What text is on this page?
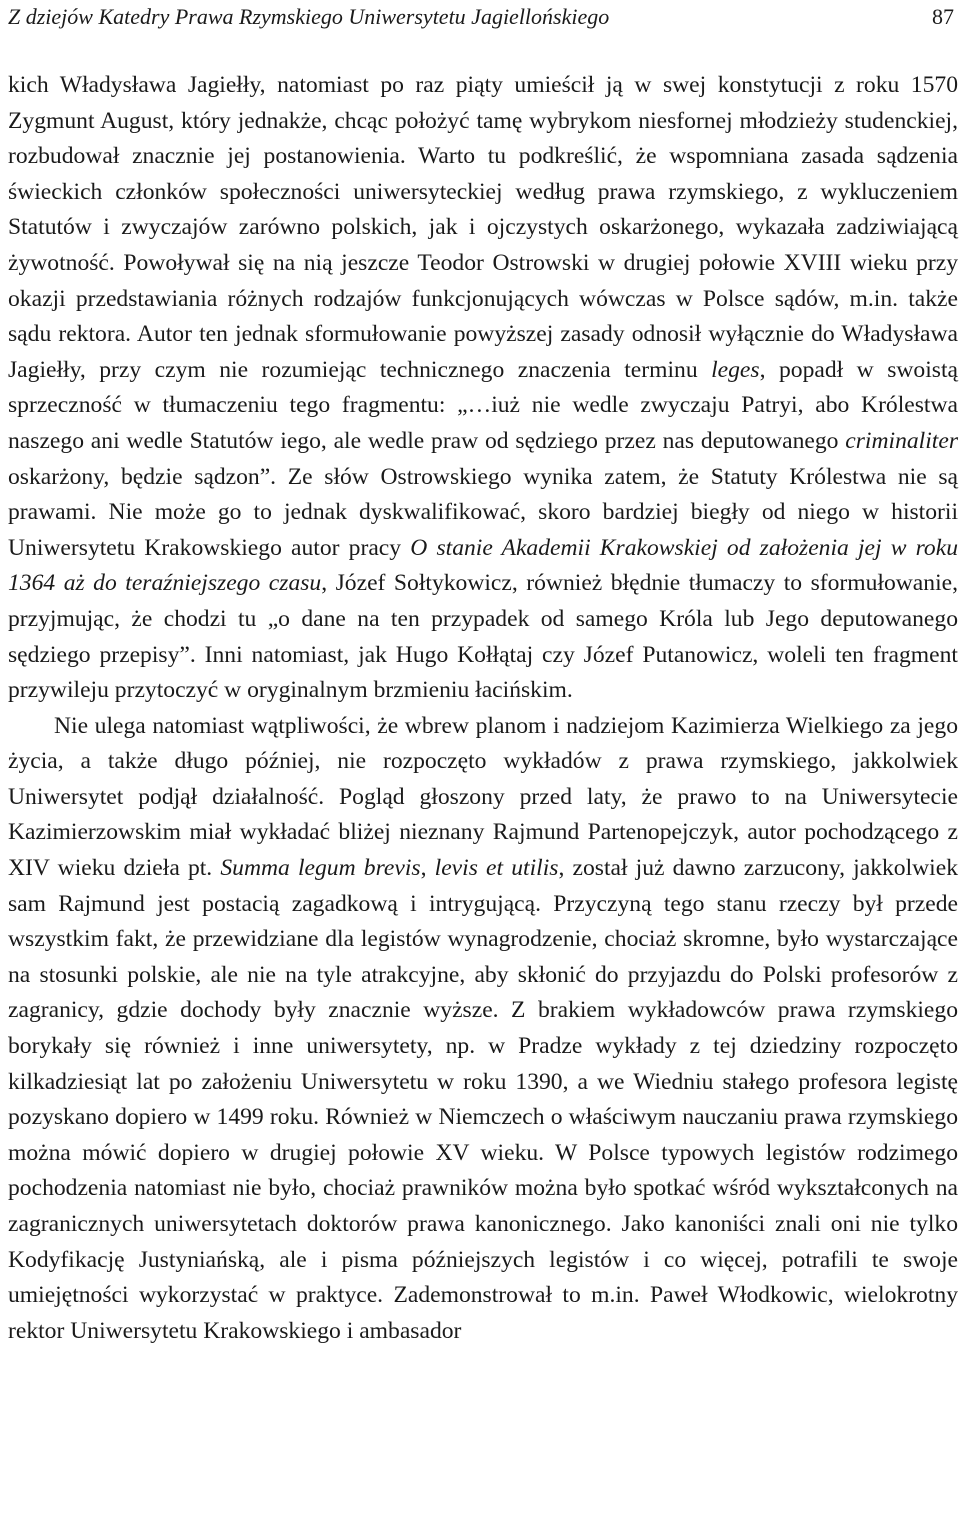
Z dziejów Katedry Prawa Rzymskiego Uniwersytetu Jagiellońskiego	87

kich Władysława Jagiełły, natomiast po raz piąty umieścił ją w swej konstytucji z roku 1570 Zygmunt August, który jednakże, chcąc położyć tamę wybrykom niesfornej młodzieży studenckiej, rozbudował znacznie jej postanowienia. Warto tu podkreślić, że wspomniana zasada sądzenia świeckich członków społeczności uniwersyteckiej według prawa rzymskiego, z wykluczeniem Statutów i zwyczajów zarówno polskich, jak i ojczystych oskarżonego, wykazała zadziwiającą żywotność. Powoływał się na nią jeszcze Teodor Ostrowski w drugiej połowie XVIII wieku przy okazji przedstawiania różnych rodzajów funkcjonujących wówczas w Polsce sądów, m.in. także sądu rektora. Autor ten jednak sformułowanie powyższej zasady odnosił wyłącznie do Władysława Jagiełły, przy czym nie rozumiejąc technicznego znaczenia terminu leges, popadł w swoistą sprzeczność w tłumaczeniu tego fragmentu: „…iuż nie wedle zwyczaju Patryi, abo Królestwa naszego ani wedle Statutów iego, ale wedle praw od sędziego przez nas deputowanego criminaliter oskarżony, będzie sądzon”. Ze słów Ostrowskiego wynika zatem, że Statuty Królestwa nie są prawami. Nie może go to jednak dyskwalifikować, skoro bardziej biegły od niego w historii Uniwersytetu Krakowskiego autor pracy O stanie Akademii Krakowskiej od założenia jej w roku 1364 aż do teraźniejszego czasu, Józef Sołtykowicz, również błędnie tłumaczy to sformułowanie, przyjmując, że chodzi tu „o dane na ten przypadek od samego Króla lub Jego deputowanego sędziego przepisy”. Inni natomiast, jak Hugo Kołłątaj czy Józef Putanowicz, woleli ten fragment przywileju przytoczyć w oryginalnym brzmieniu łacińskim.

Nie ulega natomiast wątpliwości, że wbrew planom i nadziejom Kazimierza Wielkiego za jego życia, a także długo później, nie rozpoczęto wykładów z prawa rzymskiego, jakkolwiek Uniwersytet podjął działalność. Pogląd głoszony przed laty, że prawo to na Uniwersytecie Kazimierzowskim miał wykładać bliżej nieznany Rajmund Partenopejczyk, autor pochodzącego z XIV wieku dzieła pt. Summa legum brevis, levis et utilis, został już dawno zarzucony, jakkolwiek sam Rajmund jest postacią zagadkową i intrygującą. Przyczyną tego stanu rzeczy był przede wszystkim fakt, że przewidziane dla legistów wynagrodzenie, chociaż skromne, było wystarczające na stosunki polskie, ale nie na tyle atrakcyjne, aby skłonić do przyjazdu do Polski profesorów z zagranicy, gdzie dochody były znacznie wyższe. Z brakiem wykładowców prawa rzymskiego borykały się również i inne uniwersytety, np. w Pradze wykłady z tej dziedziny rozpoczęto kilkadziesiąt lat po założeniu Uniwersytetu w roku 1390, a we Wiedniu stałego profesora legistę pozyskano dopiero w 1499 roku. Również w Niemczech o właściwym nauczaniu prawa rzymskiego można mówić dopiero w drugiej połowie XV wieku. W Polsce typowych legistów rodzimego pochodzenia natomiast nie było, chociaż prawników można było spotkać wśród wykształconych na zagranicznych uniwersytetach doktorów prawa kanonicznego. Jako kanoniści znali oni nie tylko Kodyfikację Justyniańską, ale i pisma późniejszych legistów i co więcej, potrafili te swoje umiejętności wykorzystać w praktyce. Zademonstrował to m.in. Paweł Włodkowic, wielokrotny rektor Uniwersytetu Krakowskiego i ambasador
